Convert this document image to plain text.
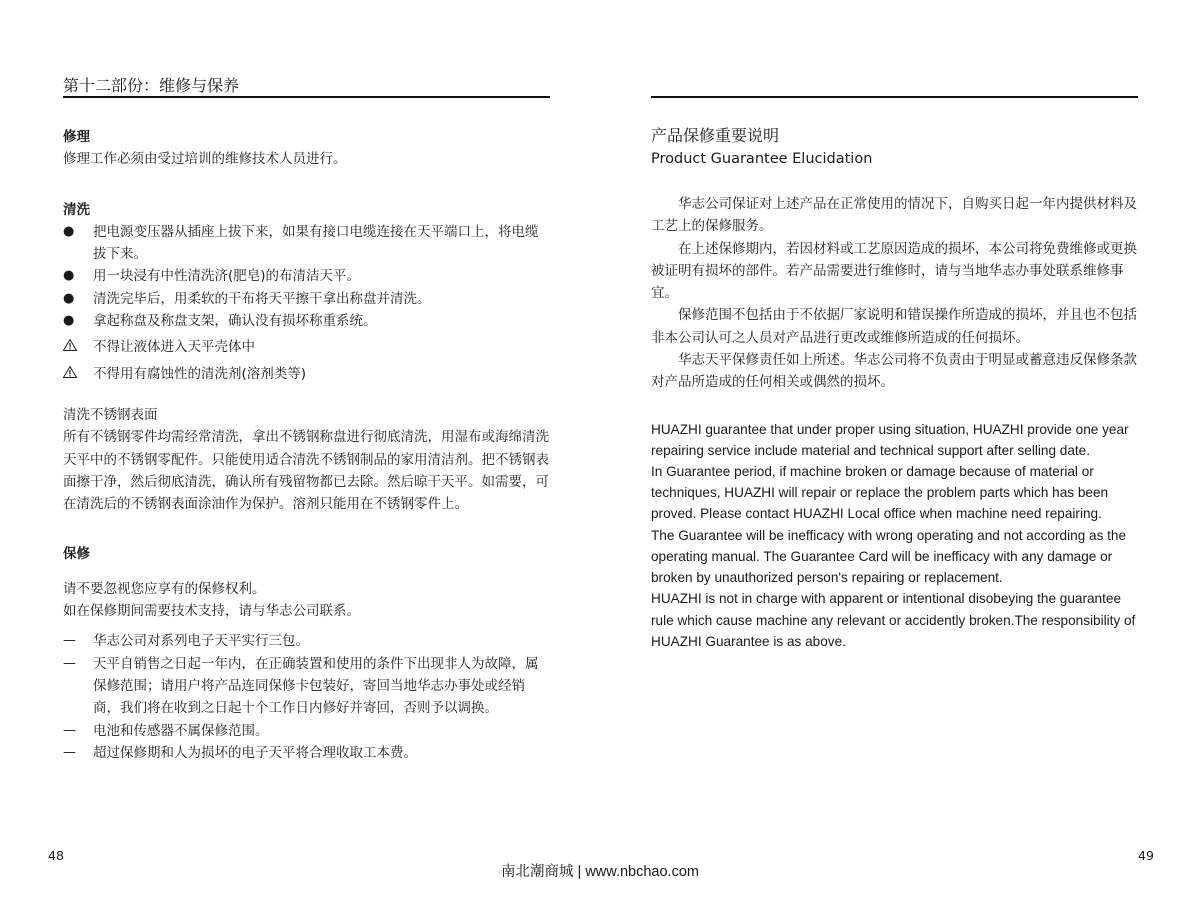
第十二部份：维修与保养

修理

修理工作必须由受过培训的维修技术人员进行。

清洗

●	把电源变压器从插座上拔下来，如果有接口电缆连接在天平端口上，将电缆拔下来。
●	用一块浸有中性清洗济(肥皂)的布清洁天平。
●	清洗完毕后，用柔软的干布将天平擦干拿出称盘并清洗。
●	拿起称盘及称盘支架，确认没有损坏称重系统。
不得让液体进入天平壳体中
不得用有腐蚀性的清洗剂(溶剂类等)

清洗不锈钢表面

所有不锈钢零件均需经常清洗，拿出不锈钢称盘进行彻底清洗，用湿布或海绵清洗天平中的不锈钢零配件。只能使用适合清洗不锈钢制品的家用清洁剂。把不锈钢表面擦干净，然后彻底清洗，确认所有残留物都已去除。然后晾干天平。如需要，可在清洗后的不锈钢表面涂油作为保护。溶剂只能用在不锈钢零件上。

保修

请不要忽视您应享有的保修权利。

如在保修期间需要技术支持，请与华志公司联系。

—	华志公司对系列电子天平实行三包。
—	天平自销售之日起一年内，在正确装置和使用的条件下出现非人为故障，属保修范围；请用户将产品连同保修卡包装好，寄回当地华志办事处或经销商，我们将在收到之日起十个工作日内修好并寄回，否则予以调换。
—	电池和传感器不属保修范围。
—	超过保修期和人为损坏的电子天平将合理收取工本费。
48

产品保修重要说明

Product Guarantee Elucidation

华志公司保证对上述产品在正常使用的情况下，自购买日起一年内提供材料及工艺上的保修服务。

在上述保修期内，若因材料或工艺原因造成的损坏，本公司将免费维修或更换被证明有损坏的部件。若产品需要进行维修时，请与当地华志办事处联系维修事宜。

保修范围不包括由于不依据厂家说明和错误操作所造成的损坏，并且也不包括非本公司认可之人员对产品进行更改或维修所造成的任何损坏。

华志天平保修责任如上所述。华志公司将不负责由于明显或蓄意违反保修条款对产品所造成的任何相关或偶然的损坏。

HUAZHI guarantee that under proper using situation, HUAZHI provide one year repairing service include material and technical support after selling date.

In Guarantee period, if machine broken or damage because of material or techniques, HUAZHI will repair or replace the problem parts which has been proved. Please contact HUAZHI Local office when machine need repairing.

The Guarantee will be inefficacy with wrong operating and not according as the operating manual. The Guarantee Card will be inefficacy with any damage or broken by unauthorized person's repairing or replacement.

HUAZHI is not in charge with apparent or intentional disobeying the guarantee rule which cause machine any relevant or accidently broken.The responsibility of HUAZHI Guarantee is as above.

49
南北潮商城 | www.nbchao.com
